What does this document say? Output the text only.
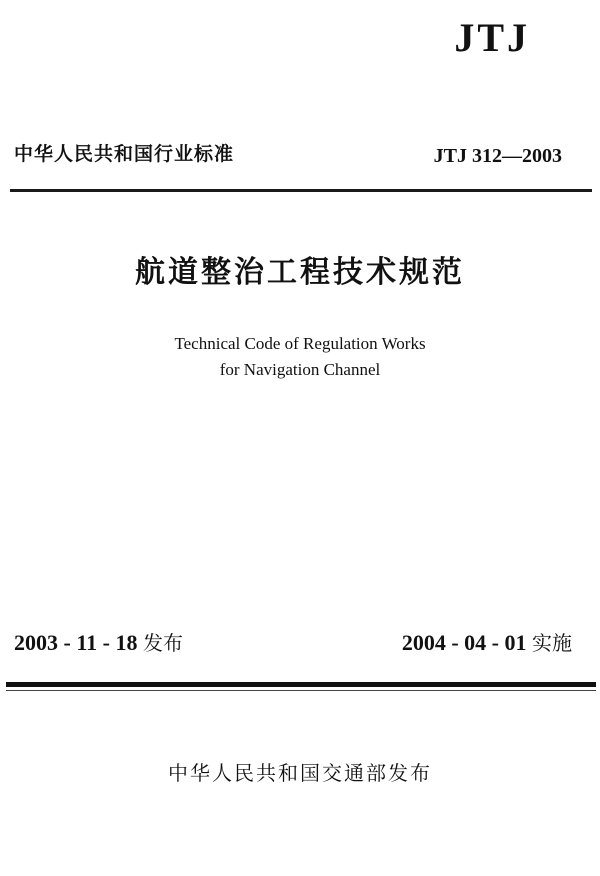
JTJ
中华人民共和国行业标准	JTJ 312—2003
航道整治工程技术规范
Technical Code of Regulation Works
for Navigation Channel
2003 - 11 - 18 发布	2004 - 04 - 01 实施
中华人民共和国交通部发布
